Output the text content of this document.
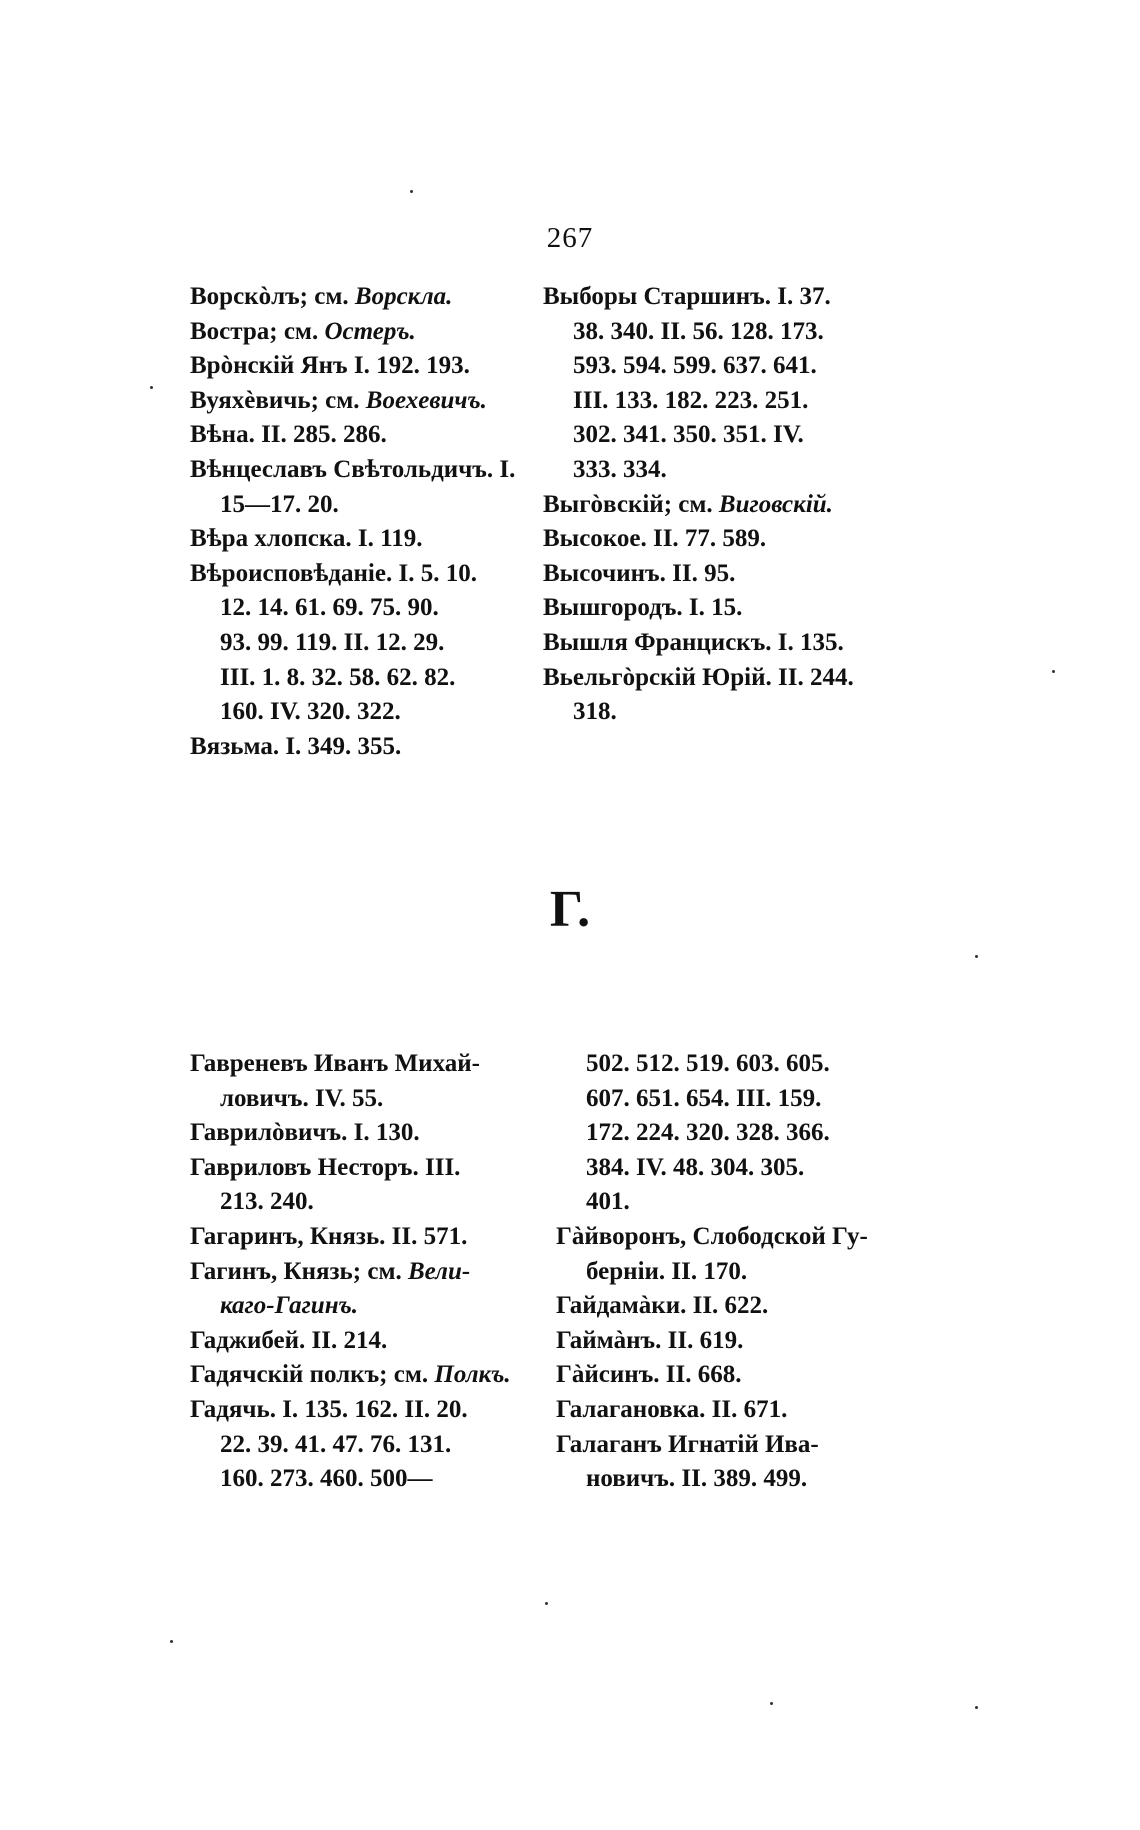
267
Ворскòлъ; см. Ворскла.
Востра; см. Остеръ.
Врòнскій Янъ I. 192. 193.
Вуяхèвичь; см. Воехевичъ.
Вѣна. II. 285. 286.
Вѣнцеславъ Свѣтольдичъ. I.
15—17. 20.
Вѣра хлопска. I. 119.
Вѣроисповѣданіе. I. 5. 10.
12. 14. 61. 69. 75. 90.
93. 99. 119. II. 12. 29.
III. 1. 8. 32. 58. 62. 82.
160. IV. 320. 322.
Вязьма. I. 349. 355.
Выборы Старшинъ. I. 37.
38. 340. II. 56. 128. 173.
593. 594. 599. 637. 641.
III. 133. 182. 223. 251.
302. 341. 350. 351. IV.
333. 334.
Выгòвскій; см. Виговскій.
Высокое. II. 77. 589.
Высочинъ. II. 95.
Вышгородъ. I. 15.
Вышля Францискъ. I. 135.
Вьельгòрскій Юрій. II. 244.
318.
Г.
Гавреневъ Иванъ Михай-
ловичъ. IV. 55.
Гаврилòвичъ. I. 130.
Гавриловъ Несторъ. III.
213. 240.
Гагаринъ, Князь. II. 571.
Гагинъ, Князь; см. Вели-
каго-Гагинъ.
Гаджибей. II. 214.
Гадячскій полкъ; см. Полкъ.
Гадячь. I. 135. 162. II. 20.
22. 39. 41. 47. 76. 131.
160. 273. 460. 500—
502. 512. 519. 603. 605.
607. 651. 654. III. 159.
172. 224. 320. 328. 366.
384. IV. 48. 304. 305.
401.
Гàйворонъ, Слободской Гу-
берніи. II. 170.
Гайдамàки. II. 622.
Гаймàнъ. II. 619.
Гàйсинъ. II. 668.
Галагановка. II. 671.
Галаганъ Игнатій Ива-
новичъ. II. 389. 499.
